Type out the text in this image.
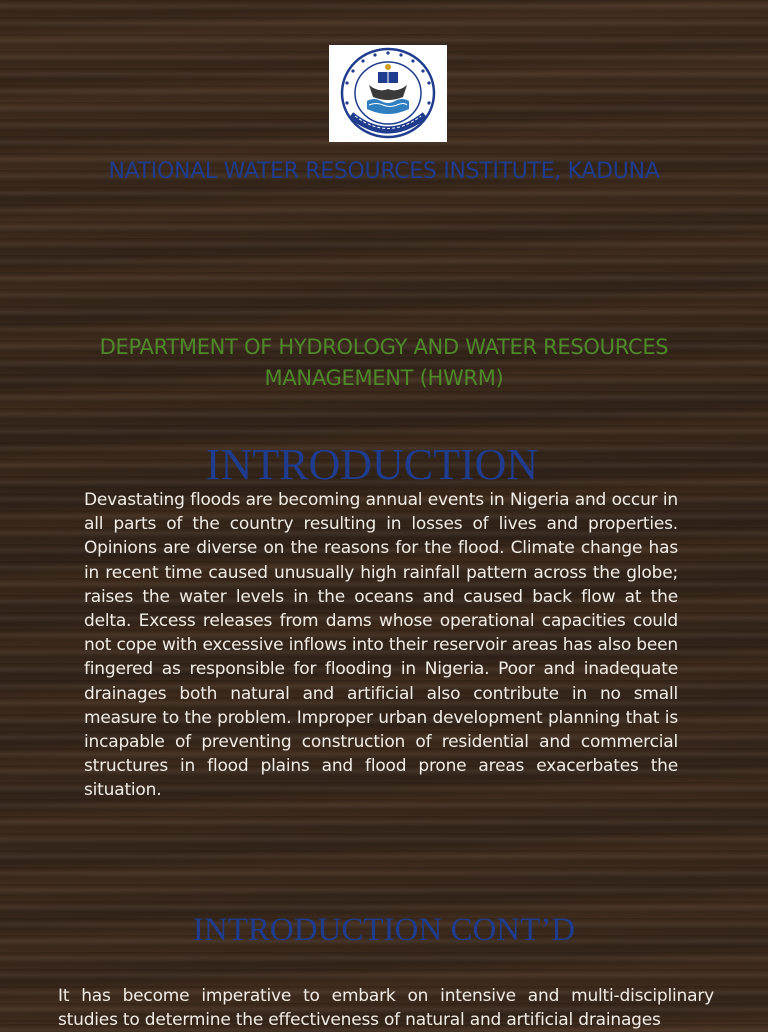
NATIONAL WATER RESOURCES INSTITUTE, KADUNA
DEPARTMENT OF HYDROLOGY AND WATER RESOURCES MANAGEMENT (HWRM)
INTRODUCTION
Devastating floods are becoming annual events in Nigeria and occur in all parts of the country resulting in losses of lives and properties. Opinions are diverse on the reasons for the flood. Climate change has in recent time caused unusually high rainfall pattern across the globe; raises the water levels in the oceans and caused back flow at the delta. Excess releases from dams whose operational capacities could not cope with excessive inflows into their reservoir areas has also been fingered as responsible for flooding in Nigeria. Poor and inadequate drainages both natural and artificial also contribute in no small measure to the problem. Improper urban development planning that is incapable of preventing construction of residential and commercial structures in flood plains and flood prone areas exacerbates the situation.
INTRODUCTION CONT’D
It has become imperative to embark on intensive and multi-disciplinary studies to determine the effectiveness of natural and artificial drainages
